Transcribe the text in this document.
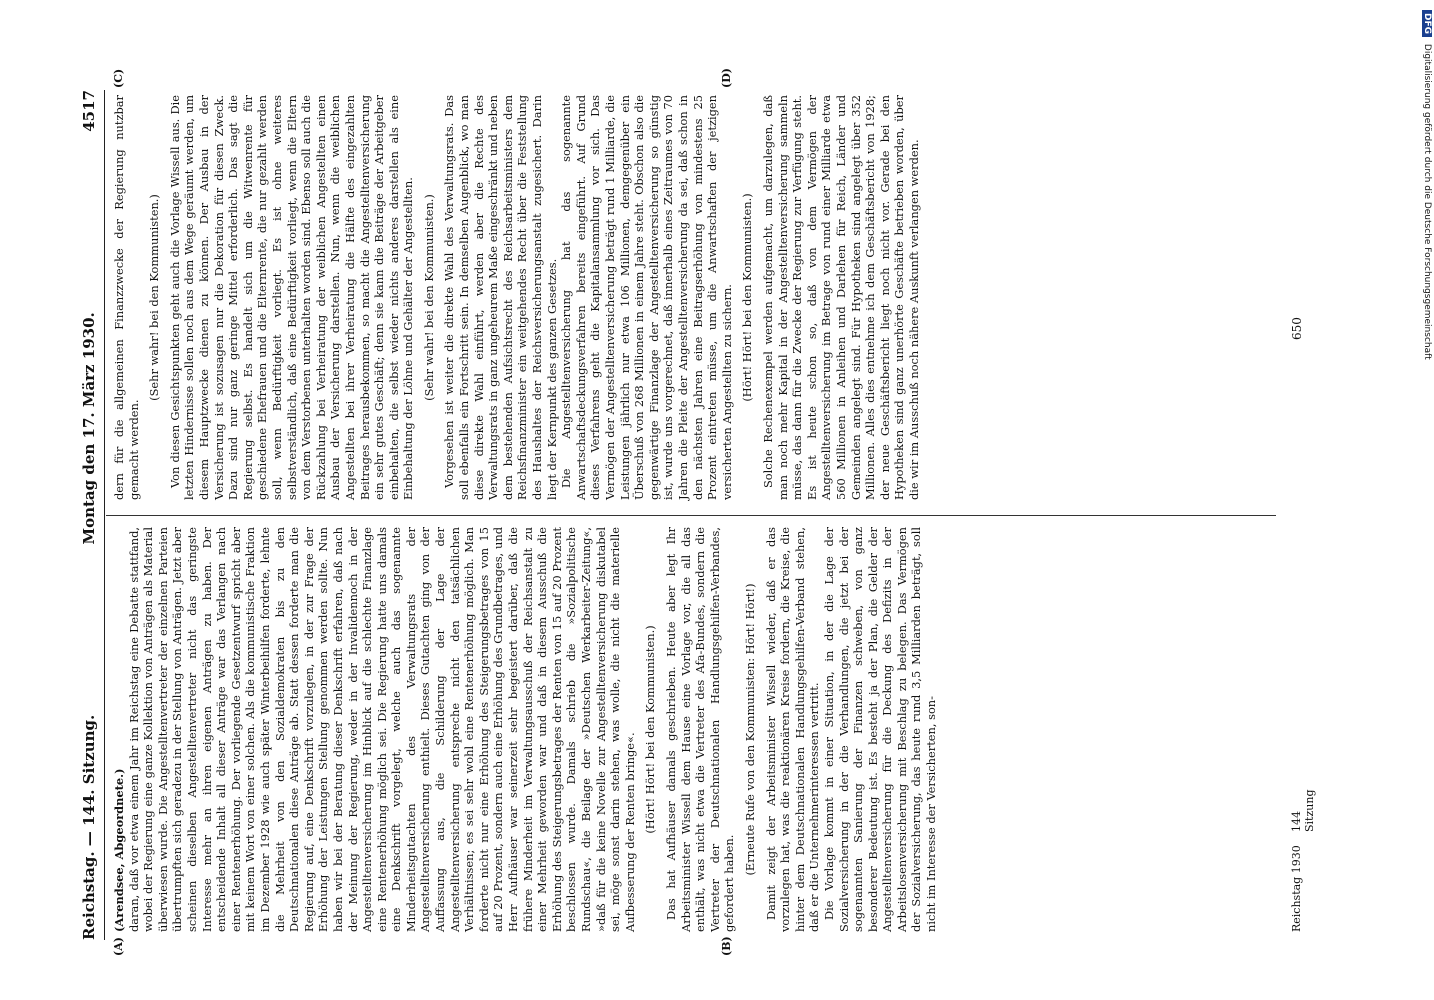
Reichstag. — 144. Sitzung.
Montag den 17. März 1930.  4517

(Arendsee, Abgeordnete.) daran, daß vor etwa einem Jahr im Reichstag eine Debatte stattfand, wobei der Regierung eine ganze Kollektion von Anträgen als Material überwiesen wurde. Die Angestelltenvertreter der einzelnen Parteien übertrumpften sich geradezu in der Stellung von Anträgen. Jetzt aber scheinen dieselben Angestelltenvertreter nicht das geringste Interesse mehr an ihren eigenen Anträgen zu haben. Der entscheidende Inhalt all dieser Anträge war das Verlangen nach einer Rentenerhöhung. Der vorliegende Gesetzentwurf spricht aber mit keinem Wort von einer solchen. Als die kommunistische Fraktion im Dezember 1928 wie auch später Winterbeihilfen forderte, lehnte die Mehrheit von den Sozialdemokraten bis zu den Deutschnationalen diese Anträge ab. Statt dessen forderte man die Regierung auf, eine Denkschrift vorzulegen, in der zur Frage der Erhöhung der Leistungen Stellung genommen werden sollte. Nun haben wir bei der Beratung dieser Denkschrift erfahren, daß nach der Meinung der Regierung, weder in der Invalidennoch in der Angestelltenversicherung im Hinblick auf die schlechte Finanzlage eine Rentenerhöhung möglich sei. Die Regierung hatte uns damals eine Denkschrift vorgelegt, welche auch das sogenannte Minderheitsgutachten des Verwaltungsrats der Angestelltenversicherung enthielt. Dieses Gutachten ging von der Auffassung aus, die Schilderung der Lage der Angestelltenversicherung entspreche nicht den tatsächlichen Verhältnissen; es sei sehr wohl eine Rentenerhöhung möglich. Man forderte nicht nur eine Erhöhung des Steigerungsbetrages von 15 auf 20 Prozent, sondern auch eine Erhöhung des Grundbetrages, und Herr Aufhäuser war seinerzeit sehr begeistert darüber, daß die frühere Minderheit im Verwaltungsausschuß der Reichsanstalt zu einer Mehrheit geworden war und daß in diesem Ausschuß die Erhöhung des Steigerungsbetrages der Renten von 15 auf 20 Prozent beschlossen wurde. Damals schrieb die »Sozialpolitische Rundschau«, die Beilage der »Deutschen Werkarbeiter-Zeitung«, »daß für die keine Novelle zur Angestelltenversicherung diskutabel sei, möge sonst darin stehen, was wolle, die nicht die materielle Aufbesserung der Renten bringe«. (Hört! Hört! bei den Kommunisten.) Das hat Aufhäuser damals geschrieben. Heute aber legt Ihr Arbeitsminister Wissell dem Hause eine Vorlage vor, die all das enthält, was nicht etwa die Vertreter des Afa-Bundes, sondern die Vertreter der Deutschnationalen Handlungsgehilfen-Verbandes, gefordert haben.

(Erneute Rufe von den Kommunisten: Hört! Hört!) Damit zeigt der Arbeitsminister Wissell wieder, daß er das vorzulegen hat, was die reaktionären Kreise fordern, die Kreise, die hinter dem Deutschnationalen Handlungsgehilfen-Verband stehen, daß er die Unternehmerinteressen vertritt. Die Vorlage kommt in einer Situation, in der die Lage der Sozialversicherung in der die Verhandlungen, die jetzt bei der sogenannten Sanierung der Finanzen schweben, von ganz besonderer Bedeutung ist. Es besteht ja der Plan, die Gelder der Angestelltenversicherung für die Deckung des Defizits in der Arbeitslosenversicherung mit Beschlag zu belegen. Das Vermögen der Sozialversicherung, das heute rund 3,5 Milliarden beträgt, soll nicht im Interesse der Versicherten, son-

dern für die allgemeinen Finanzzwecke der Regierung nutzbar gemacht werden.

(Sehr wahr! bei den Kommunisten.) Von diesen Gesichtspunkten geht auch die Vorlage Wissell aus. Die letzten Hindernisse sollen noch aus dem Wege geräumt werden, um diesem Hauptzwecke dienen zu können. Der Ausbau in der Versicherung ist sozusagen nur die Dekoration für diesen Zweck. Dazu sind nur ganz geringe Mittel erforderlich. Das sagt die Regierung selbst. Es handelt sich um die Witwenrente für geschiedene Ehefrauen und die Elternrente, die nur gezahlt werden soll, wenn Bedürftigkeit vorliegt. Es ist ohne weiteres selbstverständlich, daß eine Bedürftigkeit vorliegt, wenn die Eltern von dem Verstorbenen unterhalten worden sind. Ebenso soll auch die Rückzahlung bei Verheiratung der weiblichen Angestellten einen Ausbau der Versicherung darstellen. Nun, wenn die weiblichen Angestellten bei ihrer Verheiratung die Hälfte des eingezahlten Beitrages herausbekommen, so macht die Angestelltenversicherung ein sehr gutes Geschäft; denn sie kann die Beiträge der Arbeitgeber einbehalten, die selbst wieder nichts anderes darstellen als eine Einbehaltung der Löhne und Gehälter der Angestellten. (Sehr wahr! bei den Kommunisten.) Vorgesehen ist weiter die direkte Wahl des Verwaltungsrats. Das soll ebenfalls ein Fortschritt sein. In demselben Augenblick, wo man diese direkte Wahl einführt, werden aber die Rechte des Verwaltungsrats in ganz ungeheurem Maße eingeschränkt und neben dem bestehenden Aufsichtsrecht des Reichsarbeitsministers dem Reichsfinanzminister ein weitgehendes Recht über die Feststellung des Haushaltes der Reichsversicherungsanstalt zugesichert. Darin liegt der Kernpunkt des ganzen Gesetzes. Die Angestelltenversicherung hat das sogenannte Anwartschaftsdeckungsverfahren bereits eingeführt. Auf Grund dieses Verfahrens geht die Kapitalansammlung vor sich. Das Vermögen der Angestelltenversicherung beträgt rund 1 Milliarde, die Leistungen jährlich nur etwa 106 Millionen, demgegenüber ein Überschuß von 268 Millionen in einem Jahre steht. Obschon also die gegenwärtige Finanzlage der Angestelltenversicherung so günstig ist, wurde uns vorgerechnet, daß innerhalb eines Zeitraumes von 70 Jahren die Pleite der Angestelltenversicherung da sei, daß schon in den nächsten Jahren eine Beitragserhöhung von mindestens 25 Prozent eintreten müsse, um die Anwartschaften der jetzigen versicherten Angestellten zu sichern. (Hört! Hört! bei den Kommunisten.) Solche Rechenexempel werden aufgemacht, um darzulegen, daß man noch mehr Kapital in der Angestelltenversicherung sammeln müsse, das dann für die Zwecke der Regierung zur Verfügung steht. Es ist heute schon so, daß von dem Vermögen der Angestelltenversicherung im Betrage von rund einer Milliarde etwa 560 Millionen in Anleihen und Darlehen für Reich, Länder und Gemeinden angelegt sind. Für Hypotheken sind angelegt über 352 Millionen. Alles dies entnehme ich dem Geschäftsbericht von 1928; der neue Geschäftsbericht liegt noch nicht vor. Gerade bei den Hypotheken sind ganz unerhörte Geschäfte betrieben worden, über die wir im Ausschuß noch nähere Auskunft verlangen werden.

(A)	(B)
(C)	(D)
Reichstag 1930
144 Sitzung
650
DFG Digitalisierung gefördert durch die Deutsche Forschungsgemeinschaft
